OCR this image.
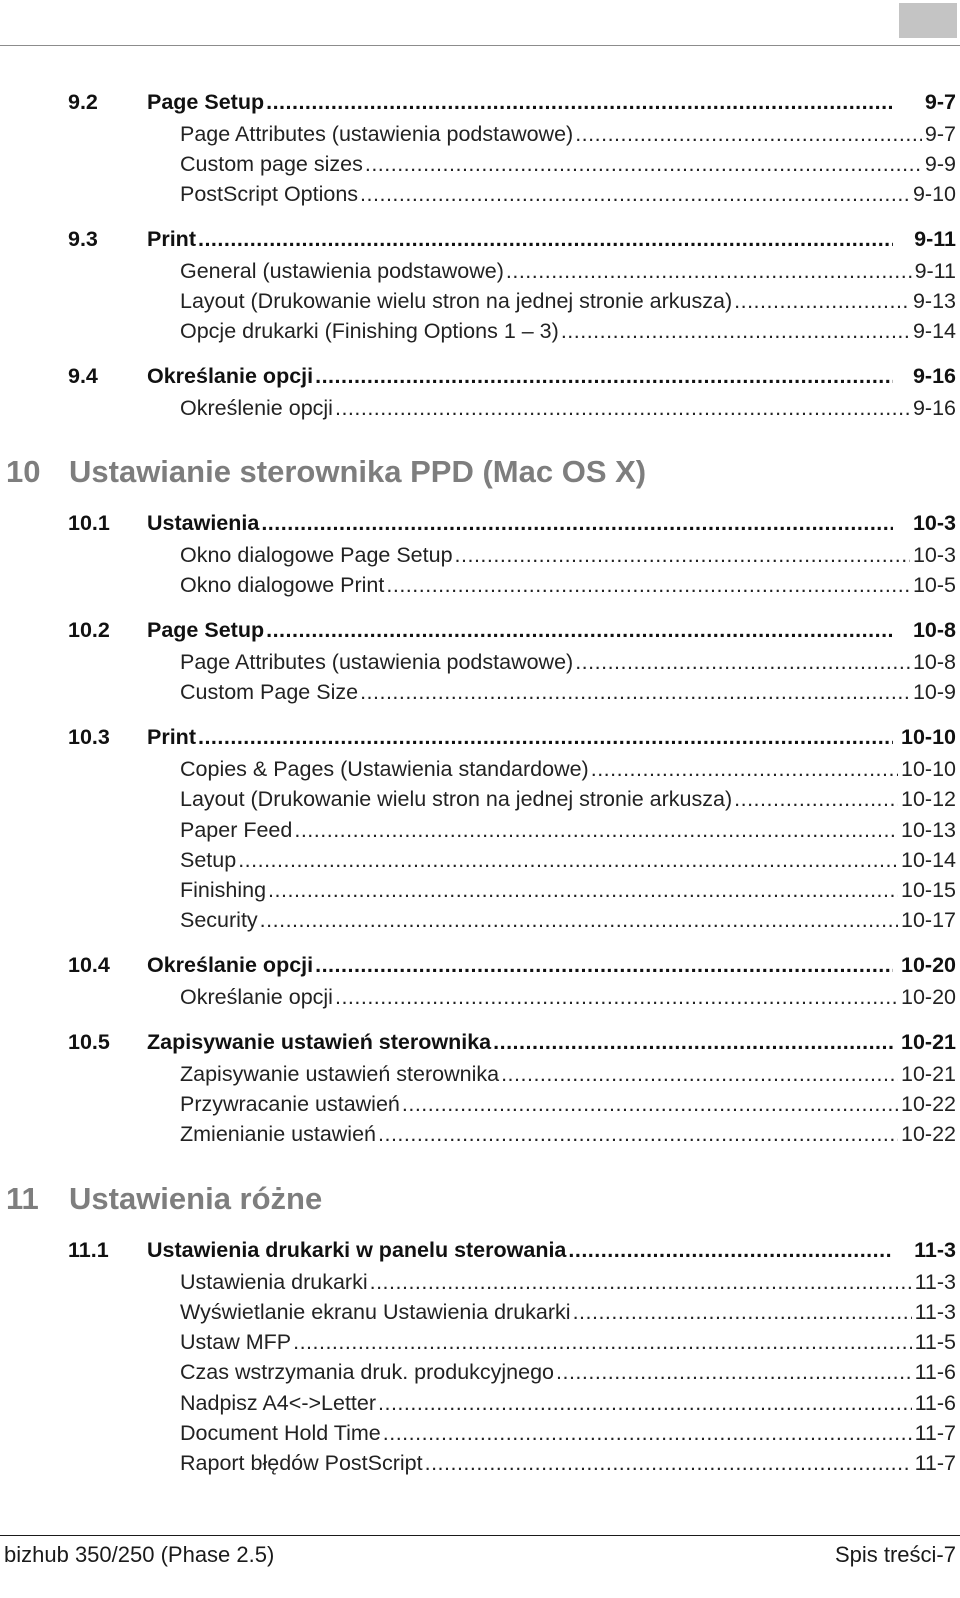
9.2	Page Setup .....	9-7
Page Attributes (ustawienia podstawowe) .....	9-7
Custom page sizes .....	9-9
PostScript Options .....	9-10
9.3	Print .....	9-11
General (ustawienia podstawowe) .....	9-11
Layout (Drukowanie wielu stron na jednej stronie arkusza) .....	9-13
Opcje drukarki (Finishing Options 1 – 3) .....	9-14
9.4	Określanie opcji .....	9-16
Określenie opcji .....	9-16
10 Ustawianie sterownika PPD (Mac OS X)
10.1	Ustawienia .....	10-3
Okno dialogowe Page Setup .....	10-3
Okno dialogowe Print .....	10-5
10.2	Page Setup .....	10-8
Page Attributes (ustawienia podstawowe) .....	10-8
Custom Page Size .....	10-9
10.3	Print .....	10-10
Copies & Pages (Ustawienia standardowe) .....	10-10
Layout (Drukowanie wielu stron na jednej stronie arkusza) .....	10-12
Paper Feed .....	10-13
Setup .....	10-14
Finishing .....	10-15
Security .....	10-17
10.4	Określanie opcji .....	10-20
Określanie opcji .....	10-20
10.5	Zapisywanie ustawień sterownika .....	10-21
Zapisywanie ustawień sterownika .....	10-21
Przywracanie ustawień .....	10-22
Zmienianie ustawień .....	10-22
11 Ustawienia różne
11.1	Ustawienia drukarki w panelu sterowania .....	11-3
Ustawienia drukarki .....	11-3
Wyświetlanie ekranu Ustawienia drukarki .....	11-3
Ustaw MFP .....	11-5
Czas wstrzymania druk. produkcyjnego .....	11-6
Nadpisz A4<->Letter .....	11-6
Document Hold Time .....	11-7
Raport błędów PostScript .....	11-7
bizhub 350/250 (Phase 2.5)	Spis treści-7
